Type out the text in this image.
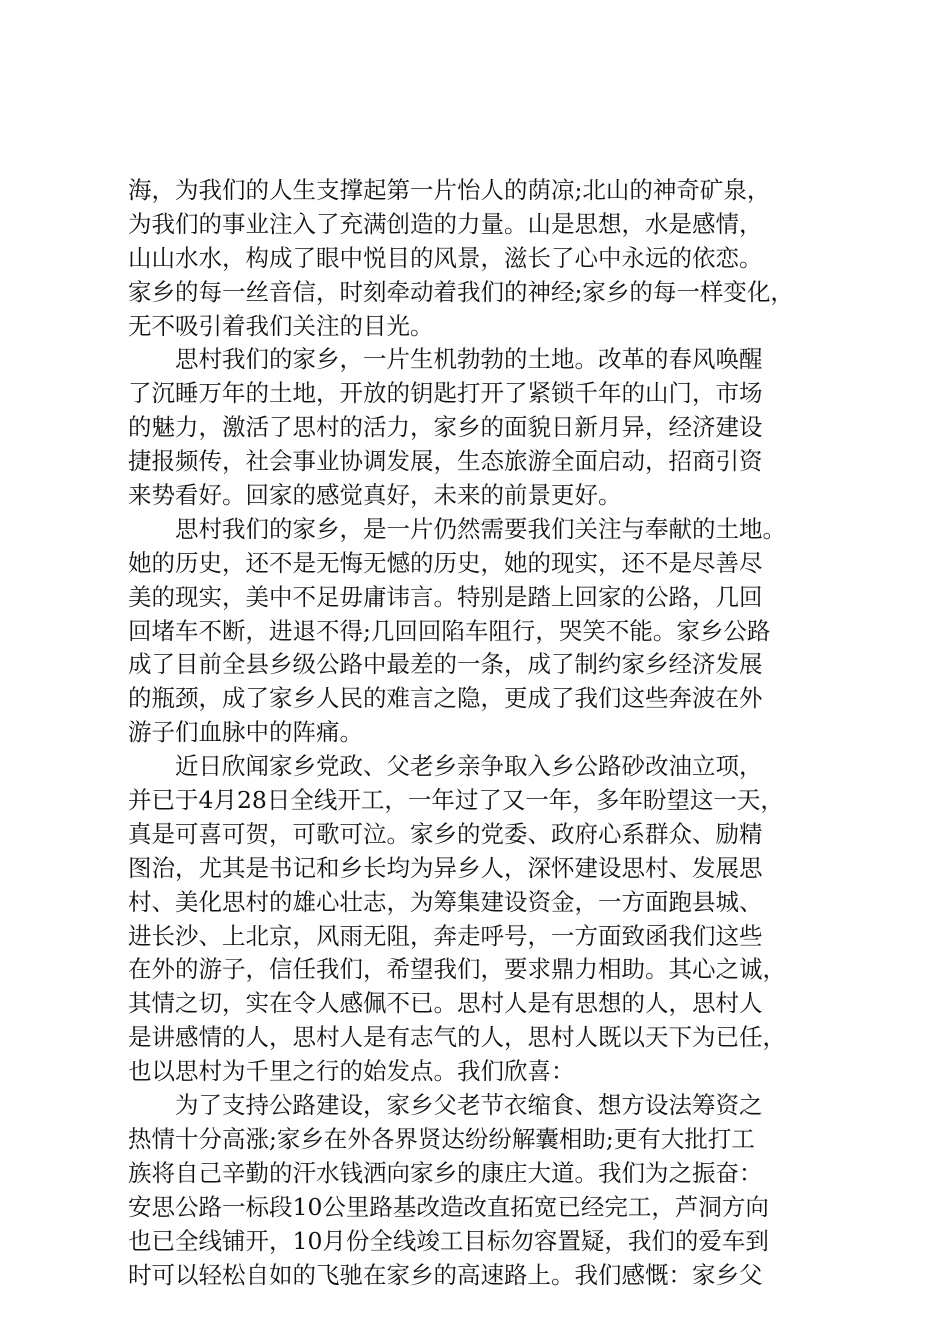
海，为我们的人生支撑起第一片怡人的荫凉;北山的神奇矿泉，
为我们的事业注入了充满创造的力量。山是思想，水是感情，
山山水水，构成了眼中悦目的风景，滋长了心中永远的依恋。
家乡的每一丝音信，时刻牵动着我们的神经;家乡的每一样变化，
无不吸引着我们关注的目光。
　　思村我们的家乡，一片生机勃勃的土地。改革的春风唤醒
了沉睡万年的土地，开放的钥匙打开了紧锁千年的山门，市场
的魅力，激活了思村的活力，家乡的面貌日新月异，经济建设
捷报频传，社会事业协调发展，生态旅游全面启动，招商引资
来势看好。回家的感觉真好，未来的前景更好。
　　思村我们的家乡，是一片仍然需要我们关注与奉献的土地。
她的历史，还不是无悔无憾的历史，她的现实，还不是尽善尽
美的现实，美中不足毋庸讳言。特别是踏上回家的公路，几回
回堵车不断，进退不得;几回回陷车阻行，哭笑不能。家乡公路
成了目前全县乡级公路中最差的一条，成了制约家乡经济发展
的瓶颈，成了家乡人民的难言之隐，更成了我们这些奔波在外
游子们血脉中的阵痛。
　　近日欣闻家乡党政、父老乡亲争取入乡公路砂改油立项，
并已于4月28日全线开工，一年过了又一年，多年盼望这一天，
真是可喜可贺，可歌可泣。家乡的党委、政府心系群众、励精
图治，尤其是书记和乡长均为异乡人，深怀建设思村、发展思
村、美化思村的雄心壮志，为筹集建设资金，一方面跑县城、
进长沙、上北京，风雨无阻，奔走呼号，一方面致函我们这些
在外的游子，信任我们，希望我们，要求鼎力相助。其心之诚，
其情之切，实在令人感佩不已。思村人是有思想的人，思村人
是讲感情的人，思村人是有志气的人，思村人既以天下为已任，
也以思村为千里之行的始发点。我们欣喜：
　　为了支持公路建设，家乡父老节衣缩食、想方设法筹资之
热情十分高涨;家乡在外各界贤达纷纷解囊相助;更有大批打工
族将自己辛勤的汗水钱洒向家乡的康庄大道。我们为之振奋：
安思公路一标段10公里路基改造改直拓宽已经完工，芦洞方向
也已全线铺开，10月份全线竣工目标勿容置疑，我们的爱车到
时可以轻松自如的飞驰在家乡的高速路上。我们感慨：家乡父
